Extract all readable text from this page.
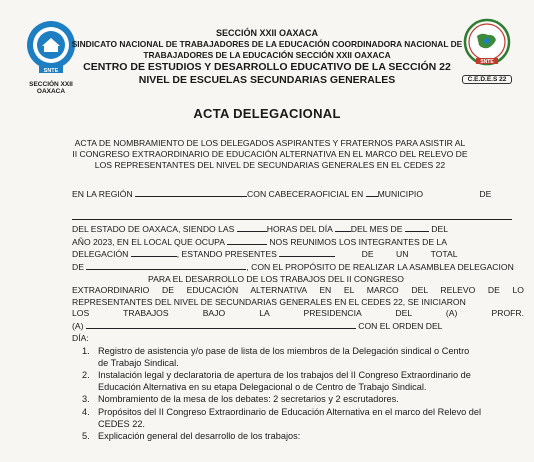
SNTE
SECCIÓN XXII
OAXACA
SNTE
C.E.D.E.S 22
SECCIÓN XXII OAXACA
SINDICATO NACIONAL DE TRABAJADORES DE LA EDUCACIÓN COORDINADORA NACIONAL DE
TRABAJADORES DE LA EDUCACIÓN SECCIÓN XXII OAXACA
CENTRO DE ESTUDIOS Y DESARROLLO EDUCATIVO DE LA SECCIÓN 22
NIVEL DE ESCUELAS SECUNDARIAS GENERALES
ACTA DELEGACIONAL
ACTA DE NOMBRAMIENTO DE LOS DELEGADOS ASPIRANTES Y FRATERNOS PARA ASISTIR AL
II CONGRESO EXTRAORDINARIO DE EDUCACIÓN ALTERNATIVA EN EL MARCO DEL RELEVO DE
LOS REPRESENTANTES DEL NIVEL DE SECUNDARIAS GENERALES EN EL CEDES 22

EN LA REGIÓN	CON CABECERAOFICIAL EN MUNICIPIO	DE

DEL ESTADO DE OAXACA, SIENDO LAS	HORAS DEL DÍA DEL MES DE	DEL

AÑO 2023, EN EL LOCAL QUE OCUPA	NOS REUNIMOS LOS INTEGRANTES DE LA

DELEGACIÓN	, ESTANDO PRESENTES	DE UN TOTAL

DE	, CON EL PROPÓSITO DE REALIZAR LA ASAMBLEA DELEGACION

PARA EL DESARROLLO DE LOS TRABAJOS DEL II CONGRESO

EXTRAORDINARIO DE EDUCACIÓN ALTERNATIVA EN EL MARCO DEL RELEVO DE LO

REPRESENTANTES DEL NIVEL DE SECUNDARIAS GENERALES EN EL CEDES 22, SE INICIARON

LOS TRABAJOS BAJO LA PRESIDENCIA DEL (A) PROFR.

(A)	CON EL ORDEN DEL

DÍA:

1. Registro de asistencia y/o pase de lista de los miembros de la Delegación sindical o Centro de Trabajo Sindical.
2. Instalación legal y declaratoria de apertura de los trabajos del II Congreso Extraordinario de Educación Alternativa en su etapa Delegacional o de Centro de Trabajo Sindical.
3. Nombramiento de la mesa de los debates: 2 secretarios y 2 escrutadores.
4. Propósitos del II Congreso Extraordinario de Educación Alternativa en el marco del Relevo del CEDES 22.
5. Explicación general del desarrollo de los trabajos:
